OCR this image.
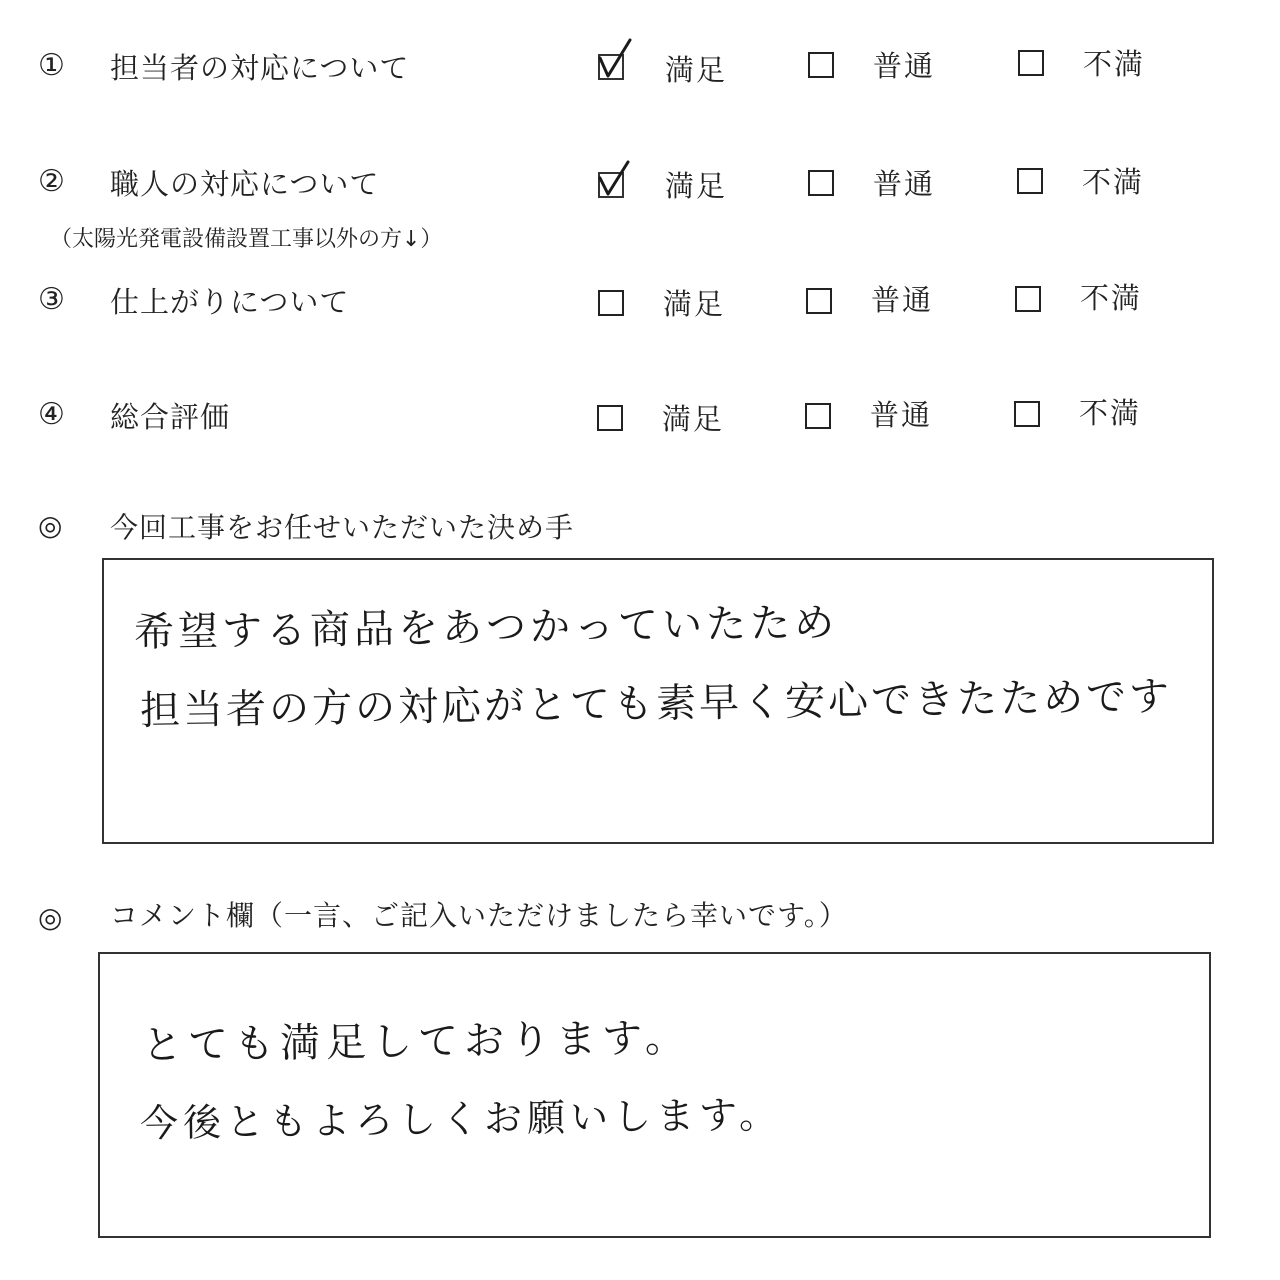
① 担当者の対応について	満足	普通	不満
② 職人の対応について	満足	普通	不満
（太陽光発電設備設置工事以外の方↓）
③ 仕上がりについて	満足	普通	不満
④ 総合評価	満足	普通	不満
◎ 今回工事をお任せいただいた決め手
希望する商品をあつかっていたため
担当者の方の対応がとても素早く安心できたためです
◎ コメント欄（一言、ご記入いただけましたら幸いです。）
とても満足しております。
今後ともよろしくお願いします。
